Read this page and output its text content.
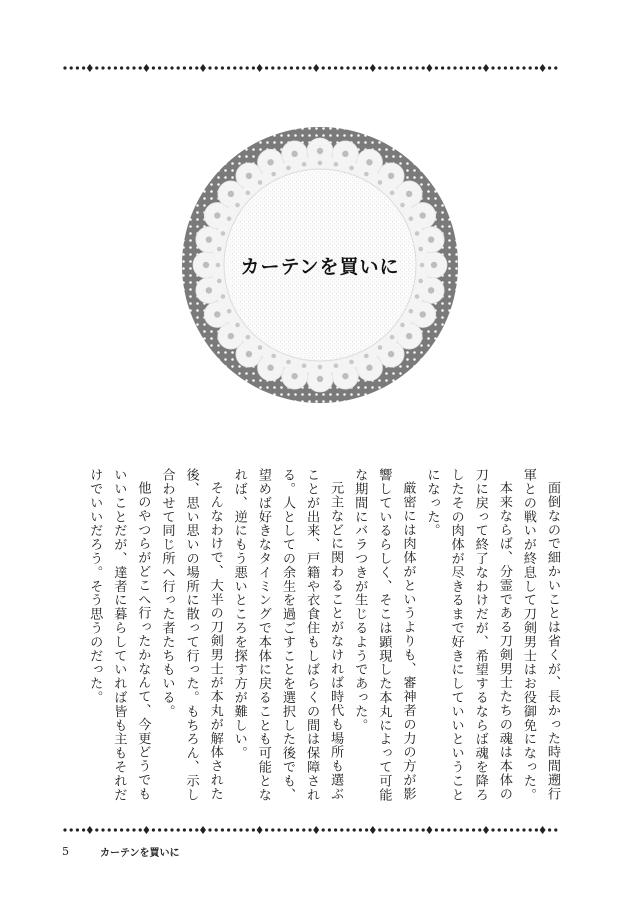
カーテンを買いに

面倒なので細かいことは省くが、長かった時間遡行軍との戦いが終息して刀剣男士はお役御免になった。

本来ならば、分霊である刀剣男士たちの魂は本体の刀に戻って終了なわけだが、希望するならば魂を降ろしたその肉体が尽きるまで好きにしていいということになった。

厳密には肉体がというよりも、審神者の力の方が影響しているらしく、そこは顕現した本丸によって可能な期間にバラつきが生じるようであった。

元主などに関わることがなければ時代も場所も選ぶことが出来、戸籍や衣食住もしばらくの間は保障される。人としての余生を過ごすことを選択した後でも、望めば好きなタイミングで本体に戻ることも可能となれば、逆にもう悪いところを探す方が難しい。

そんなわけで、大半の刀剣男士が本丸が解体された後、思い思いの場所に散って行った。もちろん、示し合わせて同じ所へ行った者たちもいる。

他のやつらがどこへ行ったかなんて、今更どうでもいいことだが、達者に暮らしていれば皆も主もそれだけでいいだろう。そう思うのだった。

5	カーテンを買いに
